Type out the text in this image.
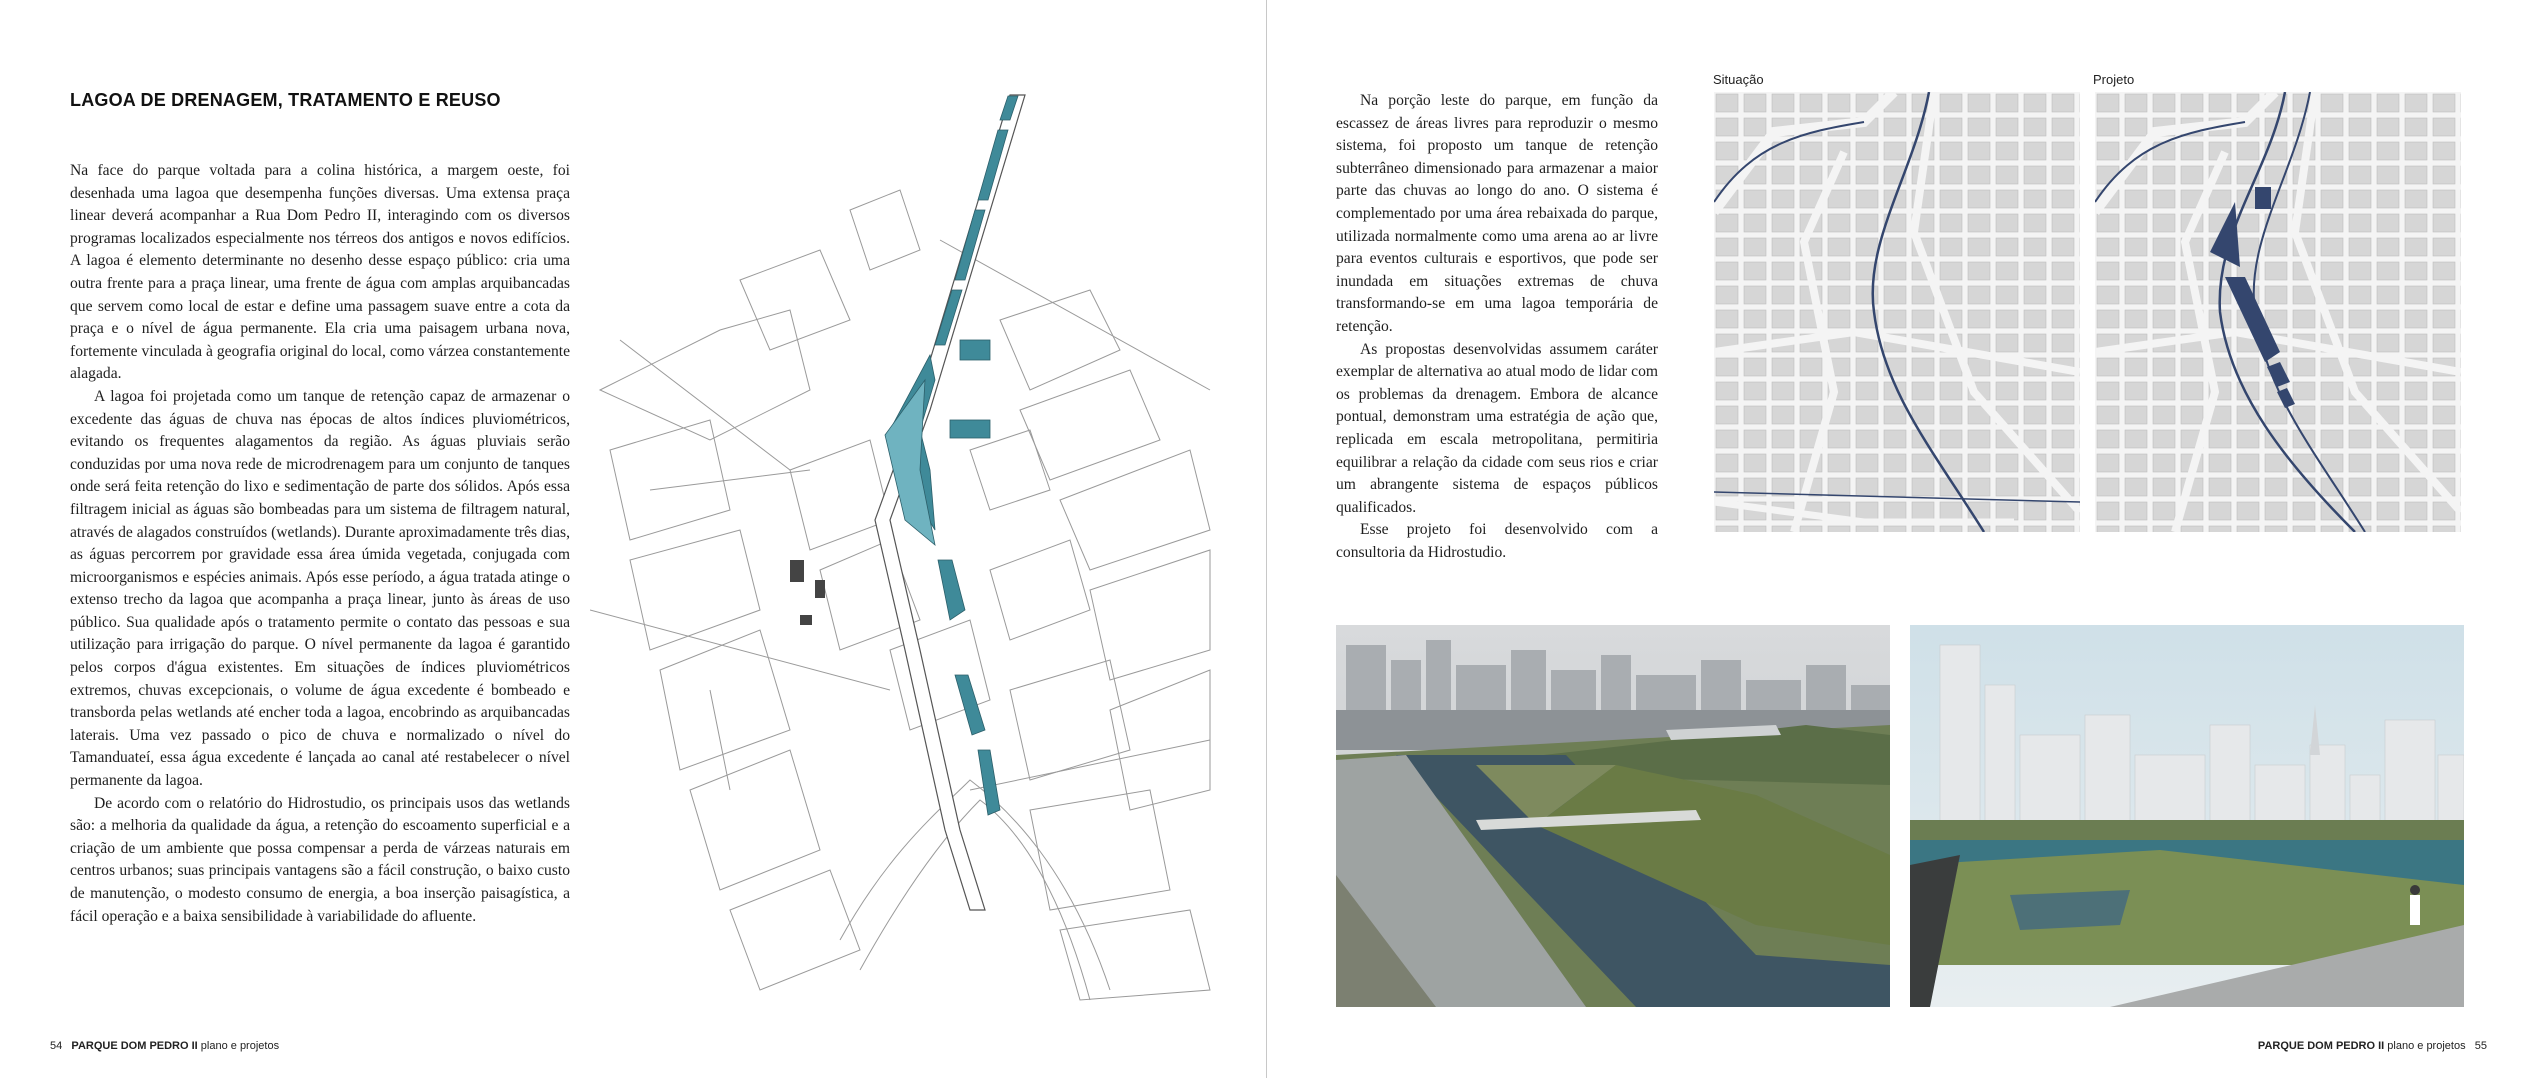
LAGOA DE DRENAGEM, TRATAMENTO E REUSO

Na face do parque voltada para a colina histórica, a margem oeste, foi desenhada uma lagoa que desempenha funções diversas. Uma extensa praça linear deverá acompanhar a Rua Dom Pedro II, interagindo com os diversos programas localizados especialmente nos térreos dos antigos e novos edifícios. A lagoa é elemento determinante no desenho desse espaço público: cria uma outra frente para a praça linear, uma frente de água com amplas arquibancadas que servem como local de estar e define uma passagem suave entre a cota da praça e o nível de água permanente. Ela cria uma paisagem urbana nova, fortemente vinculada à geografia original do local, como várzea constantemente alagada.

A lagoa foi projetada como um tanque de retenção capaz de armazenar o excedente das águas de chuva nas épocas de altos índices pluviométricos, evitando os frequentes alagamentos da região. As águas pluviais serão conduzidas por uma nova rede de microdrenagem para um conjunto de tanques onde será feita retenção do lixo e sedimentação de parte dos sólidos. Após essa filtragem inicial as águas são bombeadas para um sistema de filtragem natural, através de alagados construídos (wetlands). Durante aproximadamente três dias, as águas percorrem por gravidade essa área úmida vegetada, conjugada com microorganismos e espécies animais. Após esse período, a água tratada atinge o extenso trecho da lagoa que acompanha a praça linear, junto às áreas de uso público. Sua qualidade após o tratamento permite o contato das pessoas e sua utilização para irrigação do parque. O nível permanente da lagoa é garantido pelos corpos d'água existentes. Em situações de índices pluviométricos extremos, chuvas excepcionais, o volume de água excedente é bombeado e transborda pelas wetlands até encher toda a lagoa, encobrindo as arquibancadas laterais. Uma vez passado o pico de chuva e normalizado o nível do Tamanduateí, essa água excedente é lançada ao canal até restabelecer o nível permanente da lagoa.

De acordo com o relatório do Hidrostudio, os principais usos das wetlands são: a melhoria da qualidade da água, a retenção do escoamento superficial e a criação de um ambiente que possa compensar a perda de várzeas naturais em centros urbanos; suas principais vantagens são a fácil construção, o baixo custo de manutenção, o modesto consumo de energia, a boa inserção paisagística, a fácil operação e a baixa sensibilidade à variabilidade do afluente.

54 PARQUE DOM PEDRO II plano e projetos

Na porção leste do parque, em função da escassez de áreas livres para reproduzir o mesmo sistema, foi proposto um tanque de retenção subterrâneo dimensionado para armazenar a maior parte das chuvas ao longo do ano. O sistema é complementado por uma área rebaixada do parque, utilizada normalmente como uma arena ao ar livre para eventos culturais e esportivos, que pode ser inundada em situações extremas de chuva transformando-se em uma lagoa temporária de retenção.

As propostas desenvolvidas assumem caráter exemplar de alternativa ao atual modo de lidar com os problemas da drenagem. Embora de alcance pontual, demonstram uma estratégia de ação que, replicada em escala metropolitana, permitiria equilibrar a relação da cidade com seus rios e criar um abrangente sistema de espaços públicos qualificados.

Esse projeto foi desenvolvido com a consultoria da Hidrostudio.

Situação	Projeto
PARQUE DOM PEDRO II plano e projetos 55
